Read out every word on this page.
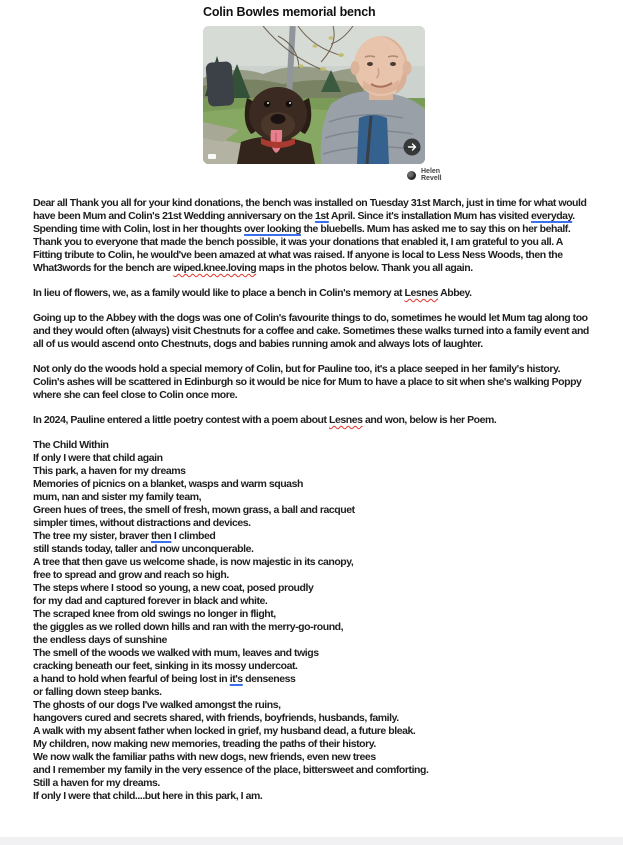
Colin Bowles memorial bench
Helen Revell

Dear all Thank you all for your kind donations, the bench was installed on Tuesday 31st March, just in time for what would have been Mum and Colin's 21st Wedding anniversary on the 1st April. Since it's installation Mum has visited everyday. Spending time with Colin, lost in her thoughts over looking the bluebells. Mum has asked me to say this on her behalf. Thank you to everyone that made the bench possible, it was your donations that enabled it, I am grateful to you all. A Fitting tribute to Colin, he would've been amazed at what was raised. If anyone is local to Less Ness Woods, then the What3words for the bench are wiped.knee.loving maps in the photos below. Thank you all again.

In lieu of flowers, we, as a family would like to place a bench in Colin's memory at Lesnes Abbey.

Going up to the Abbey with the dogs was one of Colin's favourite things to do, sometimes he would let Mum tag along too and they would often (always) visit Chestnuts for a coffee and cake. Sometimes these walks turned into a family event and all of us would ascend onto Chestnuts, dogs and babies running amok and always lots of laughter.

Not only do the woods hold a special memory of Colin, but for Pauline too, it's a place seeped in her family's history. Colin's ashes will be scattered in Edinburgh so it would be nice for Mum to have a place to sit when she's walking Poppy where she can feel close to Colin once more.

In 2024, Pauline entered a little poetry contest with a poem about Lesnes and won, below is her Poem.

The Child Within
If only I were that child again
This park, a haven for my dreams
Memories of picnics on a blanket, wasps and warm squash
mum, nan and sister my family team,
Green hues of trees, the smell of fresh, mown grass, a ball and racquet
simpler times, without distractions and devices.
The tree my sister, braver then I climbed
still stands today, taller and now unconquerable.
A tree that then gave us welcome shade, is now majestic in its canopy,
free to spread and grow and reach so high.
The steps where I stood so young, a new coat, posed proudly
for my dad and captured forever in black and white.
The scraped knee from old swings no longer in flight,
the giggles as we rolled down hills and ran with the merry-go-round,
the endless days of sunshine
The smell of the woods we walked with mum, leaves and twigs
cracking beneath our feet, sinking in its mossy undercoat.
a hand to hold when fearful of being lost in it's denseness
or falling down steep banks.
The ghosts of our dogs I've walked amongst the ruins,
hangovers cured and secrets shared, with friends, boyfriends, husbands, family.
A walk with my absent father when locked in grief, my husband dead, a future bleak.
My children, now making new memories, treading the paths of their history.
We now walk the familiar paths with new dogs, new friends, even new trees
and I remember my family in the very essence of the place, bittersweet and comforting.
Still a haven for my dreams.
If only I were that child....but here in this park, I am.
